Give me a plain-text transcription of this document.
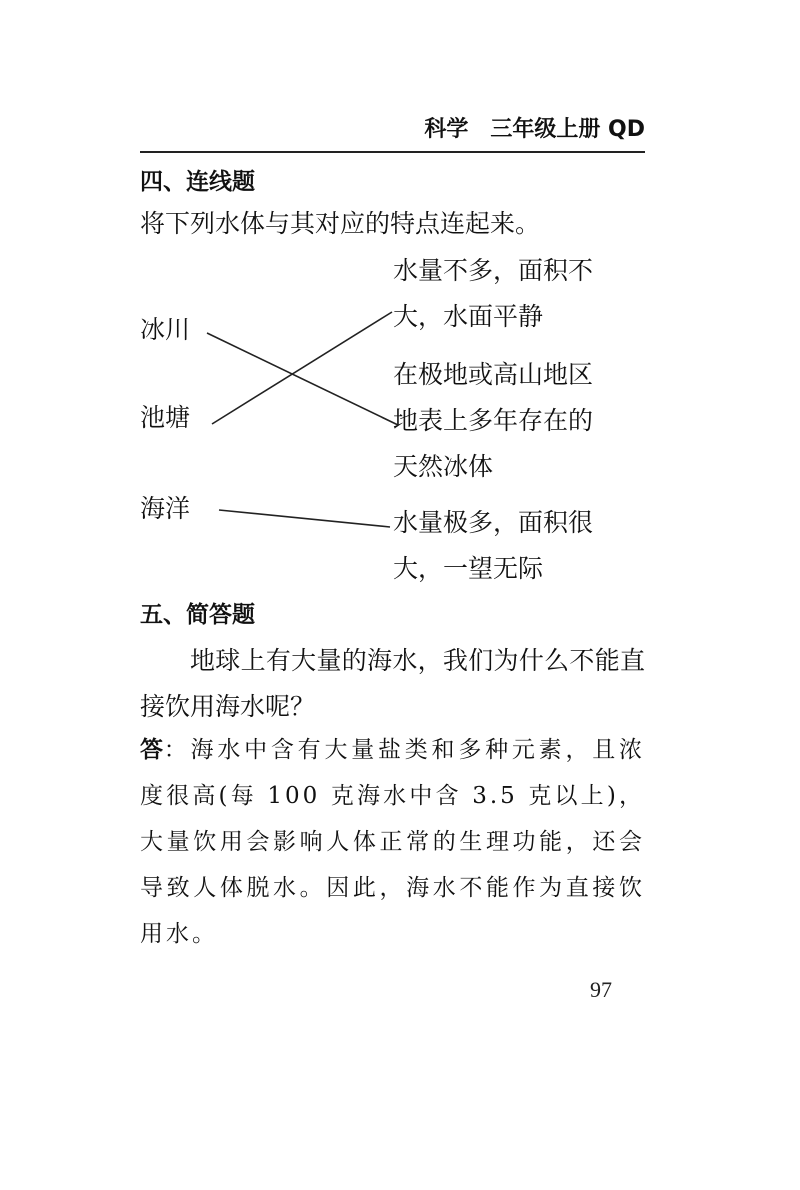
科学　三年级上册 QD
四、连线题
将下列水体与其对应的特点连起来。
冰川
池塘
海洋
水量不多，面积不
大，水面平静
在极地或高山地区
地表上多年存在的
天然冰体
水量极多，面积很
大，一望无际
五、简答题
地球上有大量的海水，我们为什么不能直接饮用海水呢？
答：海水中含有大量盐类和多种元素，且浓度很高(每 100 克海水中含 3.5 克以上)，大量饮用会影响人体正常的生理功能，还会导致人体脱水。因此，海水不能作为直接饮用水。
97
